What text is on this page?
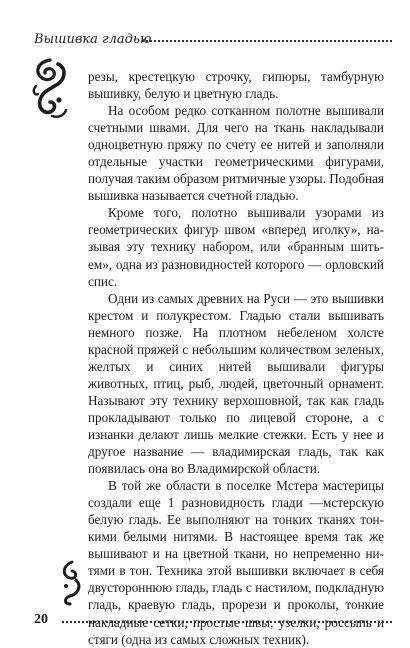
Вышивка гладью

резы, крестецкую строчку, гипюры, тамбурную вышивку, белую и цветную гладь.

На особом редко сотканном полотне вышивали счетными швами. Для чего на ткань накладывали одноцветную пряжу по счету ее нитей и заполняли отдельные участки геометрическими фигурами, получая таким образом ритмичные узоры. Подобная вышивка называется счетной гладью.

Кроме того, полотно вышивали узорами из геометрических фигур швом «вперед иголку», называя эту технику набором, или «бранным шитьем», одна из разновидностей которого — орловский спис.

Одни из самых древних на Руси — это вышивки крестом и полукрестом. Гладью стали вышивать немного позже. На плотном небеленом холсте красной пряжей с небольшим количеством зеленых, желтых и синих нитей вышивали фигуры животных, птиц, рыб, людей, цветочный орнамент. Называют эту технику верхошовной, так как гладь прокладывают только по лицевой стороне, а с изнанки делают лишь мелкие стежки. Есть у нее и другое название — владимирская гладь, так как появилась она во Владимирской области.

В той же области в поселке Мстера мастерицы создали еще 1 разновидность глади —мстерскую белую гладь. Ее выполняют на тонких тканях тонкими белыми нитями. В настоящее время так же вышивают и на цветной ткани, но непременно нитями в тон. Техника этой вышивки включает в себя двустороннюю гладь, гладь с настилом, подкладную гладь, краевую гладь, прорези и проколы, тонкие накладные сетки, простые швы, узелки, россыпь и стяги (одна из самых сложных техник).

20
